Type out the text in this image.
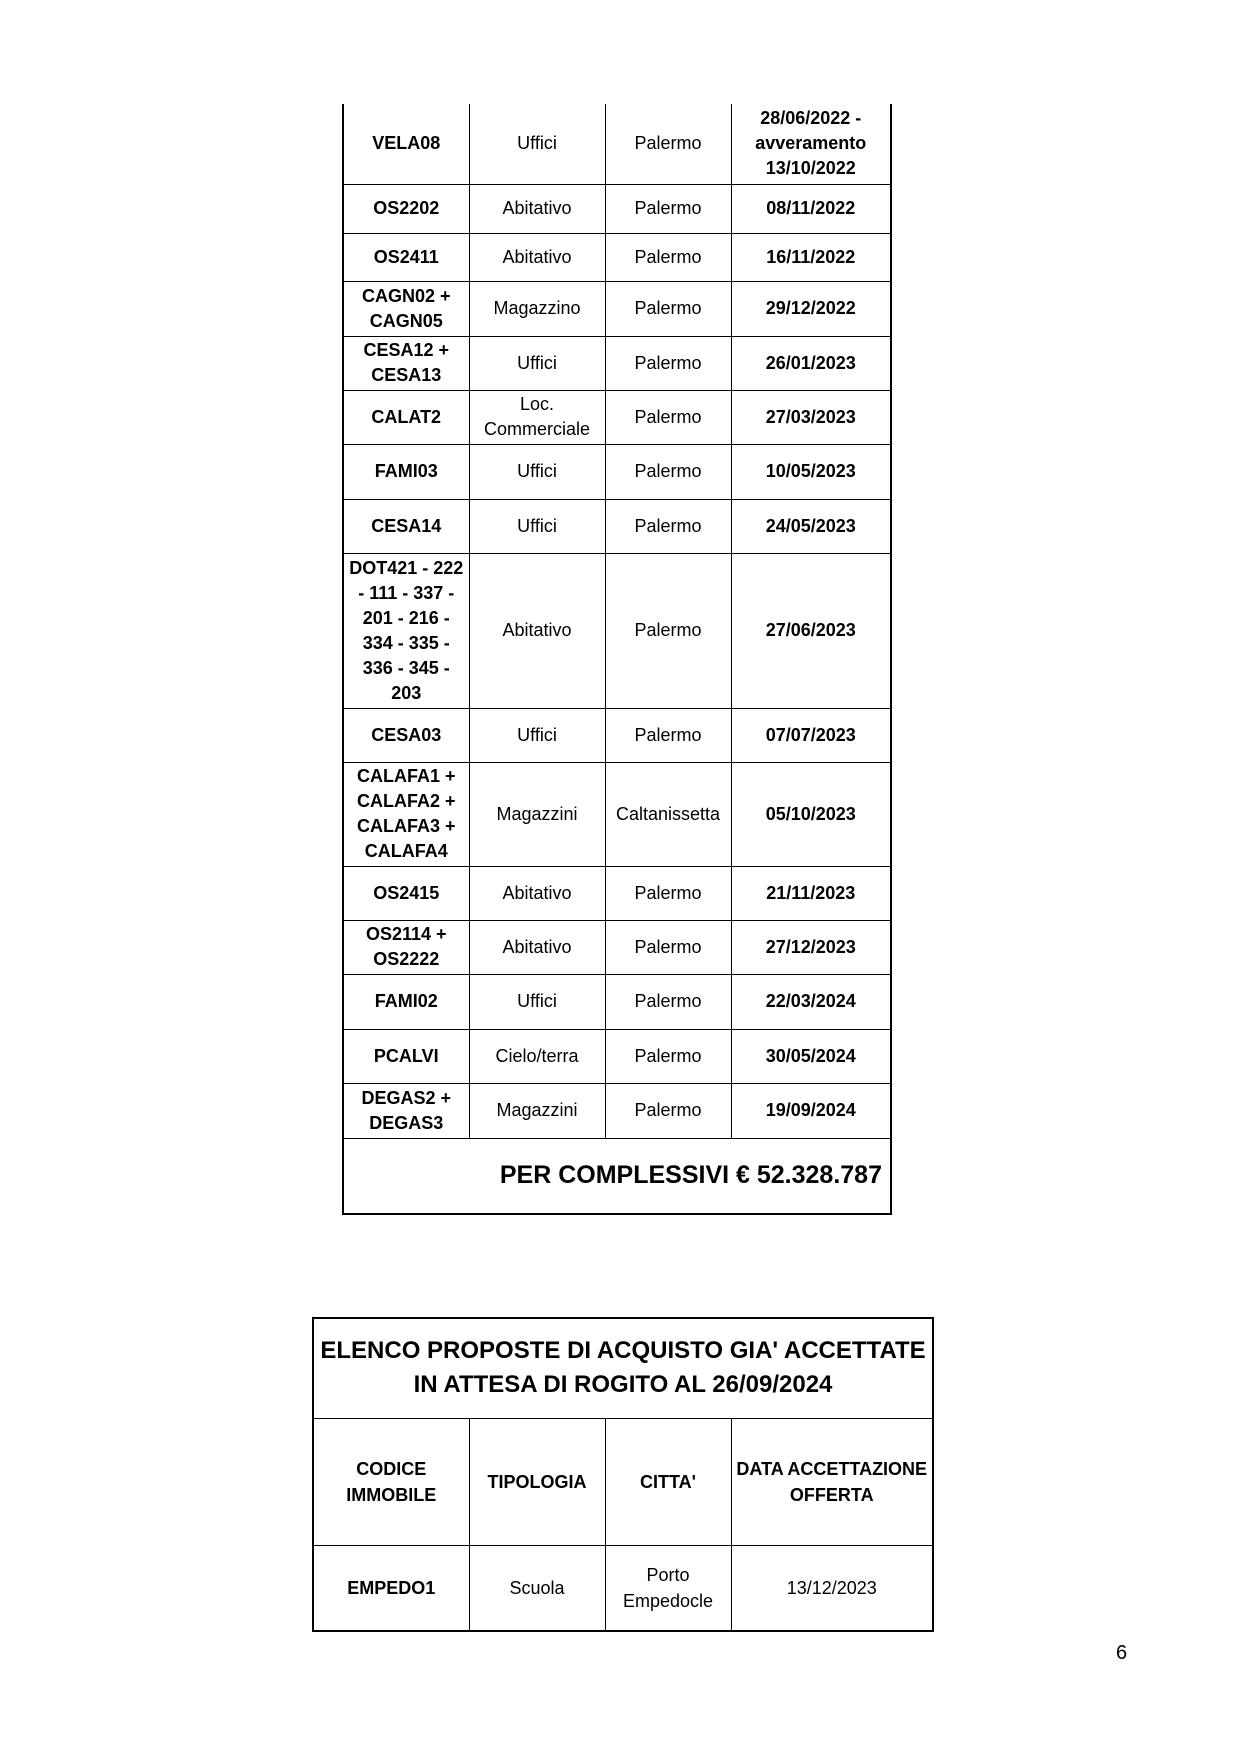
VELA08	Uffici	Palermo	28/06/2022 - avveramento 13/10/2022
OS2202	Abitativo	Palermo	08/11/2022
OS2411	Abitativo	Palermo	16/11/2022
CAGN02 + CAGN05	Magazzino	Palermo	29/12/2022
CESA12 + CESA13	Uffici	Palermo	26/01/2023
CALAT2	Loc. Commerciale	Palermo	27/03/2023
FAMI03	Uffici	Palermo	10/05/2023
CESA14	Uffici	Palermo	24/05/2023
DOT421 - 222 - 111 - 337 - 201 - 216 - 334 - 335 - 336 - 345 - 203	Abitativo	Palermo	27/06/2023
CESA03	Uffici	Palermo	07/07/2023
CALAFA1 + CALAFA2 + CALAFA3 + CALAFA4	Magazzini	Caltanissetta	05/10/2023
OS2415	Abitativo	Palermo	21/11/2023
OS2114 + OS2222	Abitativo	Palermo	27/12/2023
FAMI02	Uffici	Palermo	22/03/2024
PCALVI	Cielo/terra	Palermo	30/05/2024
DEGAS2 + DEGAS3	Magazzini	Palermo	19/09/2024
PER COMPLESSIVI € 52.328.787			
ELENCO PROPOSTE DI ACQUISTO GIA' ACCETTATE IN ATTESA DI ROGITO AL 26/09/2024			
CODICE IMMOBILE	TIPOLOGIA	CITTA'	DATA ACCETTAZIONE OFFERTA
EMPEDO1	Scuola	Porto Empedocle	13/12/2023
6
